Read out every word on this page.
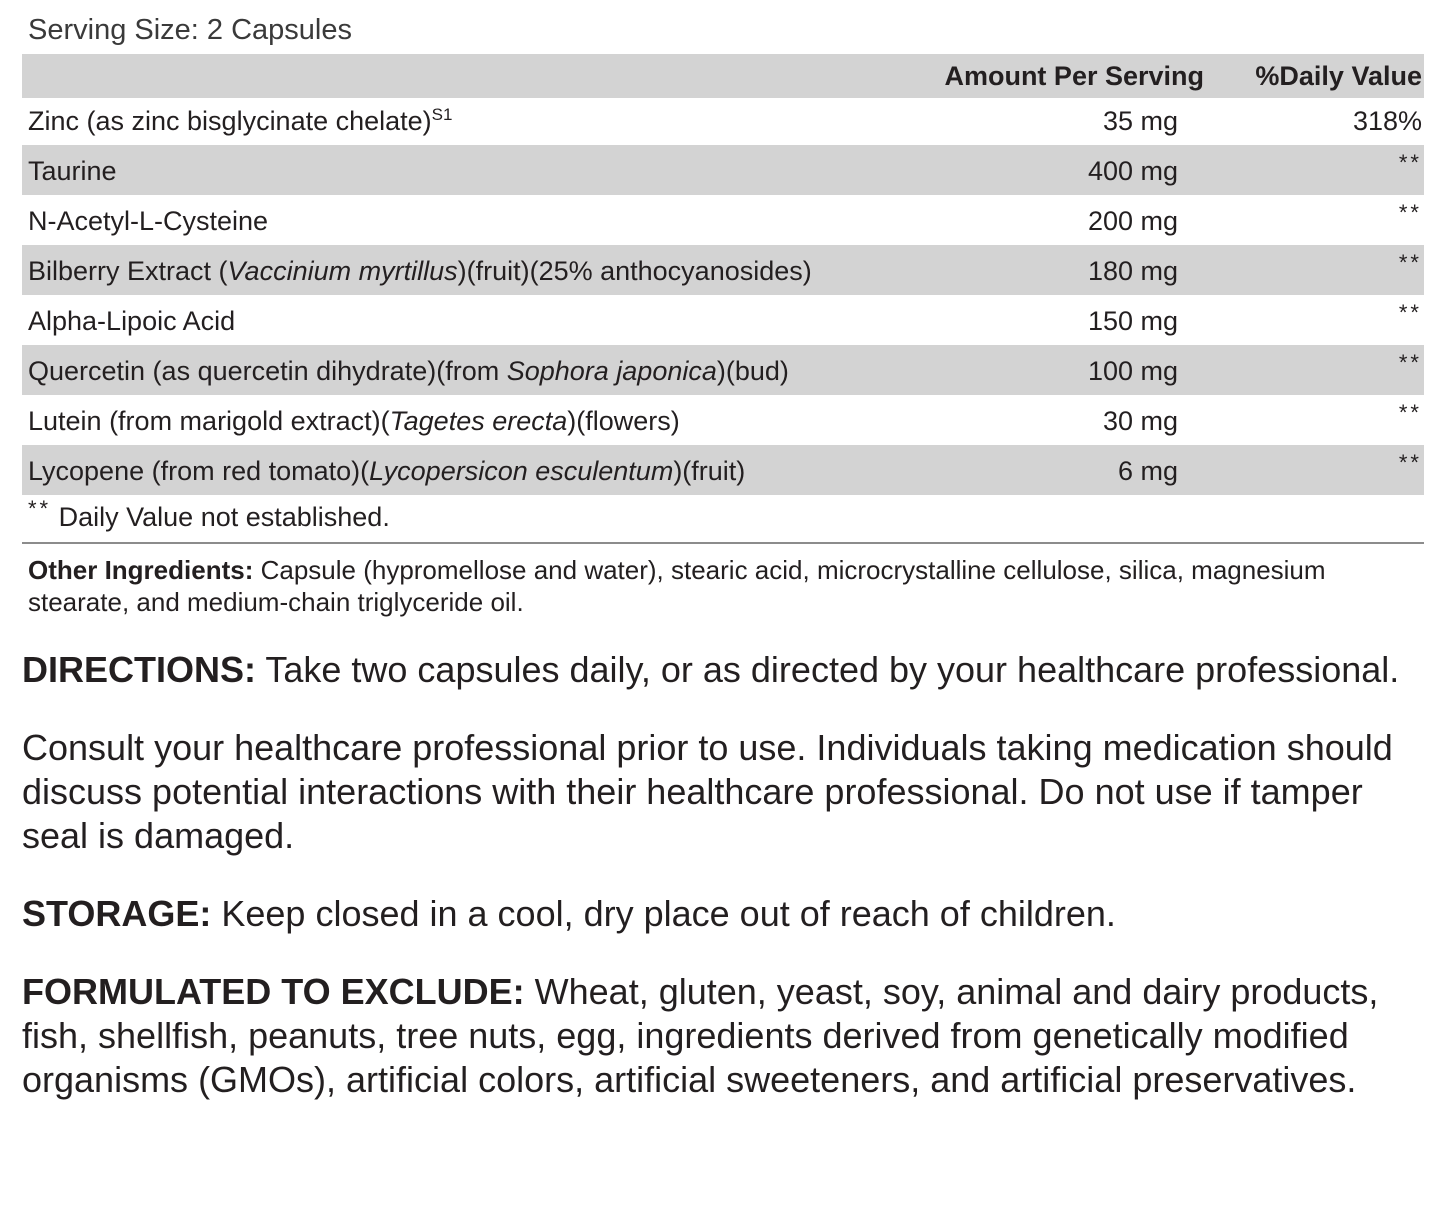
Serving Size: 2 Capsules
	Amount Per Serving	%Daily Value
Zinc (as zinc bisglycinate chelate)$^{S1}$	35 mg	318%
Taurine	400 mg	**
N-Acetyl-L-Cysteine	200 mg	**
Bilberry Extract (Vaccinium myrtillus)(fruit)(25% anthocyanosides)	180 mg	**
Alpha-Lipoic Acid	150 mg	**
Quercetin (as quercetin dihydrate)(from Sophora japonica)(bud)	100 mg	**
Lutein (from marigold extract)(Tagetes erecta)(flowers)	30 mg	**
Lycopene (from red tomato)(Lycopersicon esculentum)(fruit)	6 mg	**
** Daily Value not established.
Other Ingredients: Capsule (hypromellose and water), stearic acid, microcrystalline cellulose, silica, magnesium stearate, and medium-chain triglyceride oil.

DIRECTIONS: Take two capsules daily, or as directed by your healthcare professional.

Consult your healthcare professional prior to use. Individuals taking medication should discuss potential interactions with their healthcare professional. Do not use if tamper seal is damaged.

STORAGE: Keep closed in a cool, dry place out of reach of children.

FORMULATED TO EXCLUDE: Wheat, gluten, yeast, soy, animal and dairy products, fish, shellfish, peanuts, tree nuts, egg, ingredients derived from genetically modified organisms (GMOs), artificial colors, artificial sweeteners, and artificial preservatives.
